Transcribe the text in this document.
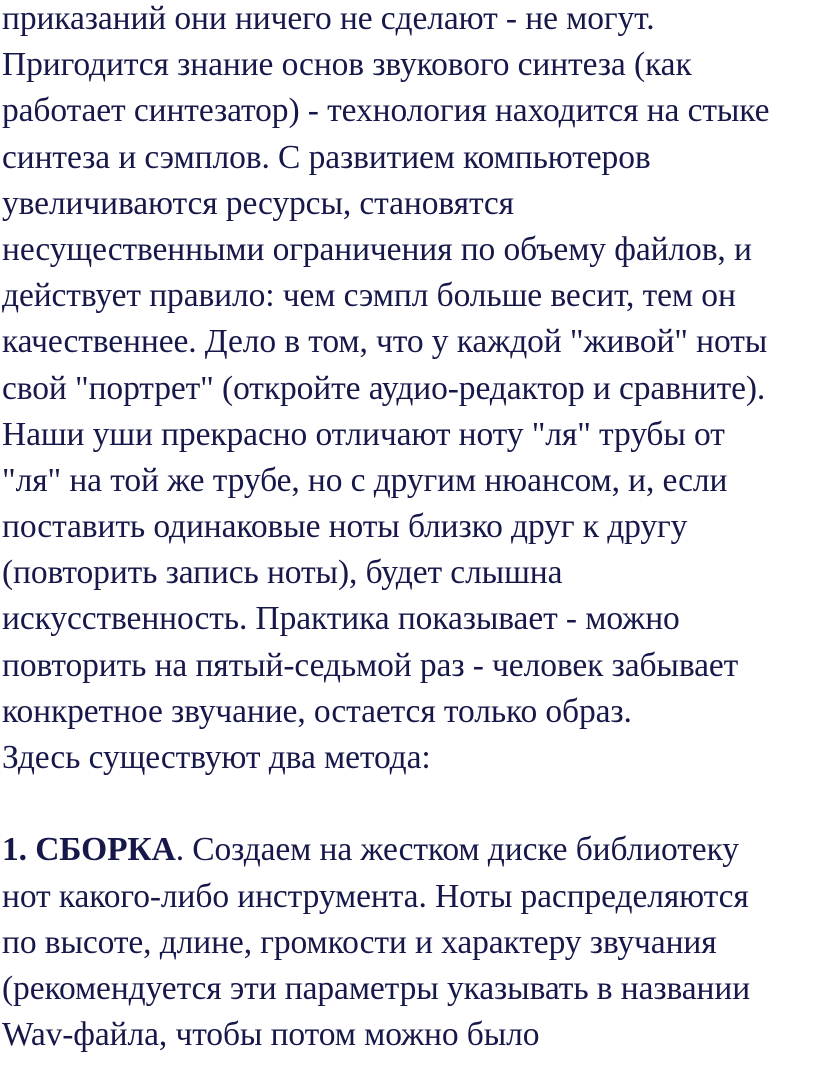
приказаний они ничего не сделают - не могут.
Пригодится знание основ звукового синтеза (как
работает синтезатор) - технология находится на стыке
синтеза и сэмплов. С развитием компьютеров
увеличиваются ресурсы, становятся
несущественными ограничения по объему файлов, и
действует правило: чем сэмпл больше весит, тем он
качественнее. Дело в том, что у каждой "живой" ноты
свой "портрет" (откройте аудио-редактор и сравните).
Наши уши прекрасно отличают ноту "ля" трубы от
"ля" на той же трубе, но с другим нюансом, и, если
поставить одинаковые ноты близко друг к другу
(повторить запись ноты), будет слышна
искусственность. Практика показывает - можно
повторить на пятый-седьмой раз - человек забывает
конкретное звучание, остается только образ.
Здесь существуют два метода:
1. СБОРКА. Создаем на жестком диске библиотеку
нот какого-либо инструмента. Ноты распределяются
по высоте, длине, громкости и характеру звучания
(рекомендуется эти параметры указывать в названии
Wav-файла, чтобы потом можно было
